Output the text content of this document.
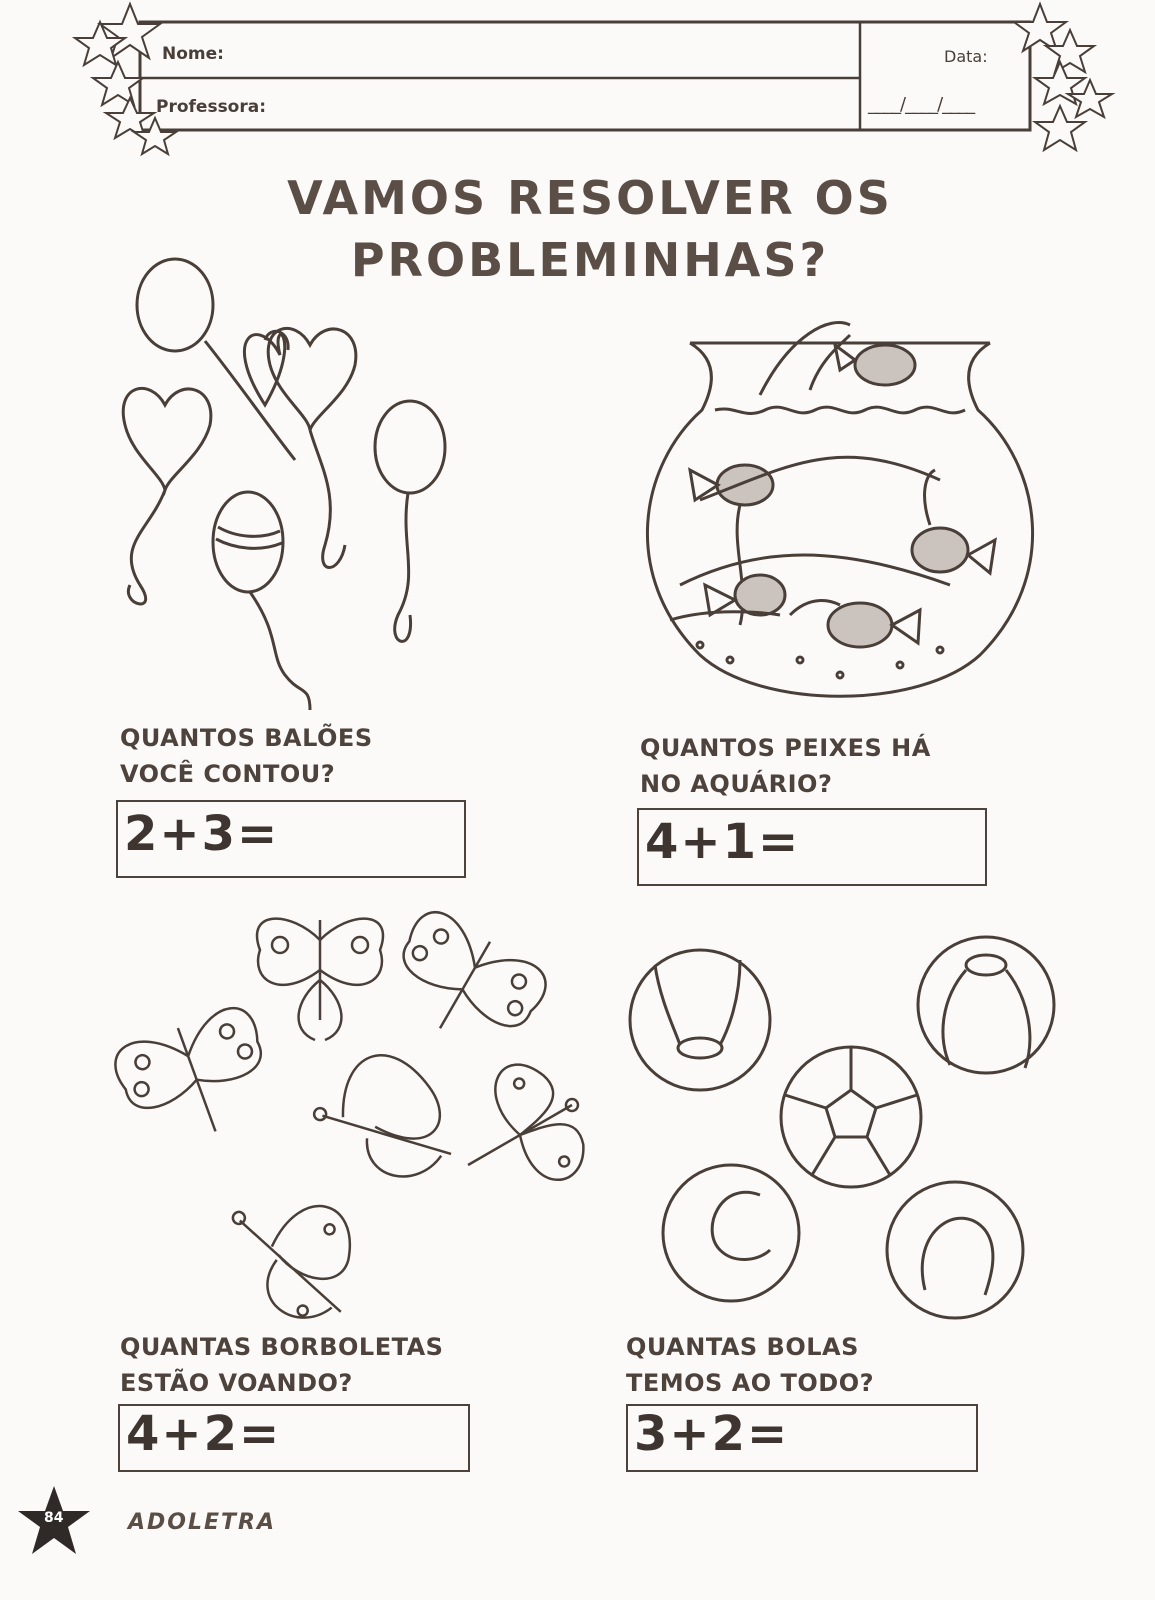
Nome:
Professora:
Data:
____/____/____
VAMOS RESOLVER OS
PROBLEMINHAS?
QUANTOS BALÕES
VOCÊ CONTOU?
2+3=
QUANTOS PEIXES HÁ
NO AQUÁRIO?
4+1=
QUANTAS BORBOLETAS
ESTÃO VOANDO?
4+2=
QUANTAS BOLAS
TEMOS AO TODO?
3+2=
84	ADOLETRA
